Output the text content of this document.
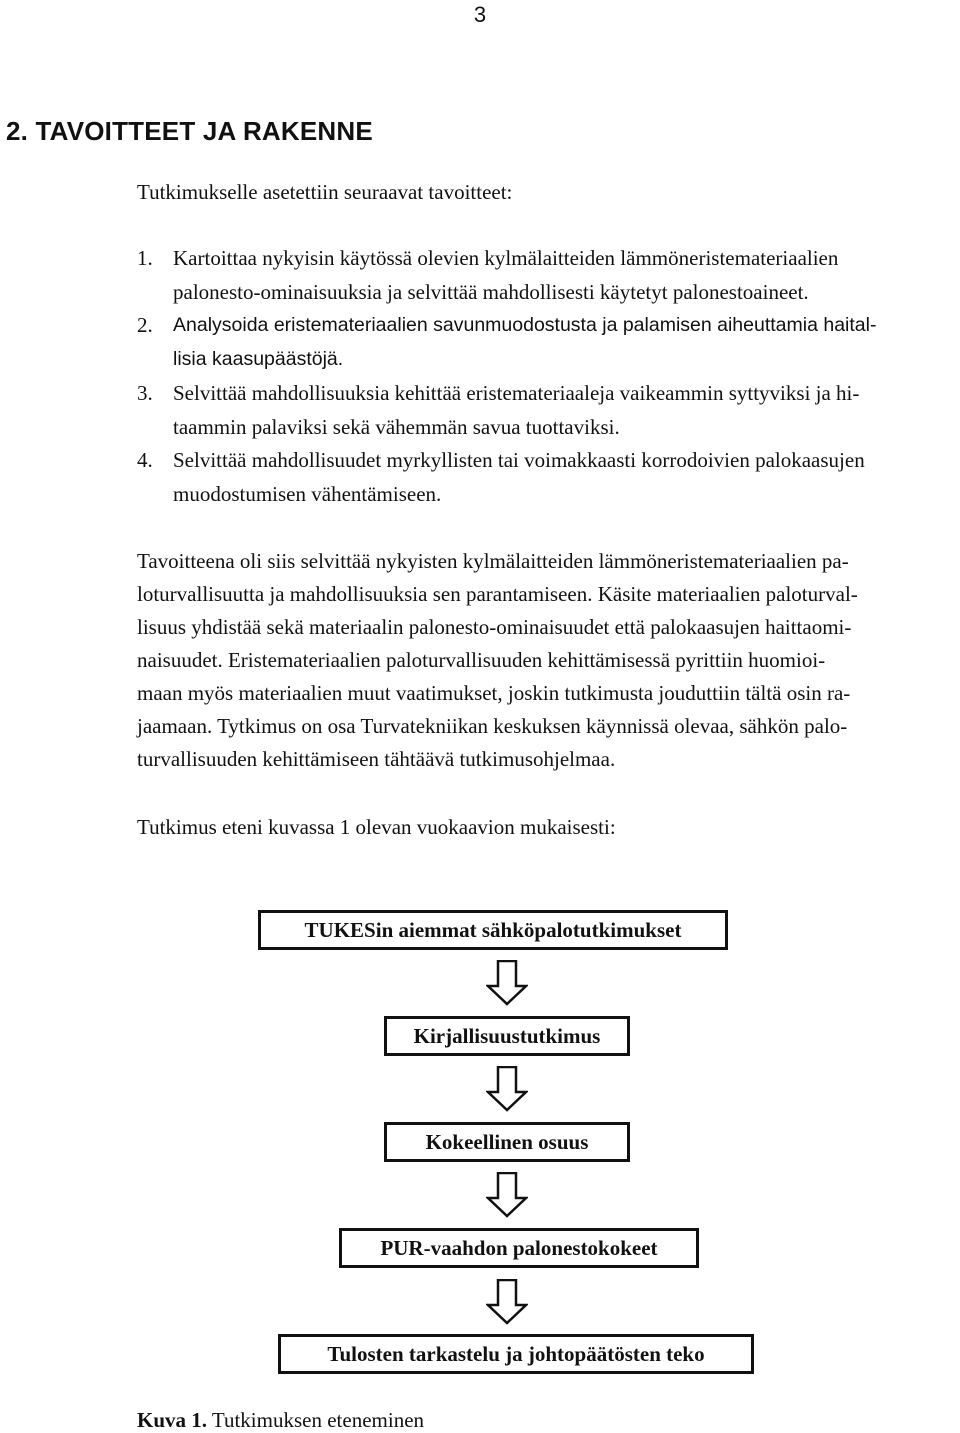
3
2. TAVOITTEET JA RAKENNE
Tutkimukselle asetettiin seuraavat tavoitteet:
1. Kartoittaa nykyisin käytössä olevien kylmälaitteiden lämmöneristemateriaalien
palonesto-ominaisuuksia ja selvittää mahdollisesti käytetyt palonestoaineet.
2. Analysoida eristemateriaalien savunmuodostusta ja palamisen aiheuttamia haital-
lisia kaasupäästöjä.
3. Selvittää mahdollisuuksia kehittää eristemateriaaleja vaikeammin syttyviksi ja hi-
taammin palaviksi sekä vähemmän savua tuottaviksi.
4. Selvittää mahdollisuudet myrkyllisten tai voimakkaasti korrodoivien palokaasujen
muodostumisen vähentämiseen.
Tavoitteena oli siis selvittää nykyisten kylmälaitteiden lämmöneristemateriaalien pa-
loturvallisuutta ja mahdollisuuksia sen parantamiseen. Käsite materiaalien paloturval-
lisuus yhdistää sekä materiaalin palonesto-ominaisuudet että palokaasujen haittaomi-
naisuudet. Eristemateriaalien paloturvallisuuden kehittämisessä pyrittiin huomioi-
maan myös materiaalien muut vaatimukset, joskin tutkimusta jouduttiin tältä osin ra-
jaamaan. Tytkimus on osa Turvatekniikan keskuksen käynnissä olevaa, sähkön palo-
turvallisuuden kehittämiseen tähtäävä tutkimusohjelmaa.
Tutkimus eteni kuvassa 1 olevan vuokaavion mukaisesti:
TUKESin aiemmat sähköpalotutkimukset
Kirjallisuustutkimus
Kokeellinen osuus
PUR-vaahdon palonestokokeet
Tulosten tarkastelu ja johtopäätösten teko
Kuva 1. Tutkimuksen eteneminen
